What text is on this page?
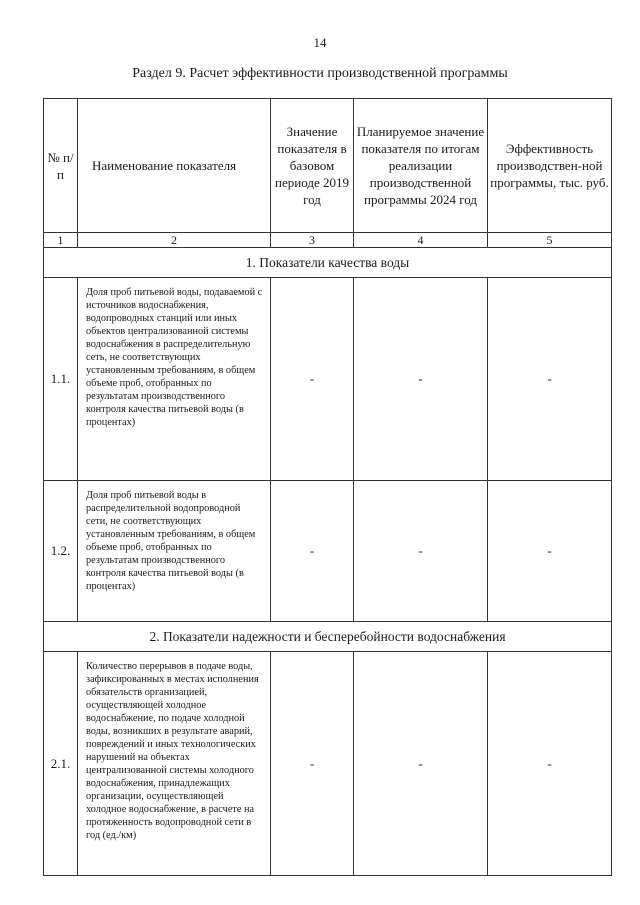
14
Раздел 9. Расчет эффективности производственной программы
№ п/п	Наименование показателя	Значение показателя в базовом периоде 2019 год	Планируемое значение показателя по итогам реализации производственной программы 2024 год	Эффективность производствен-ной программы, тыс. руб.
1	2	3	4	5
1. Показатели качества воды				
1.1.	Доля проб питьевой воды, подаваемой с источников водоснабжения, водопроводных станций или иных объектов централизованной системы водоснабжения в распределительную сеть, не соответствующих установленным требованиям, в общем объеме проб, отобранных по результатам производственного контроля качества питьевой воды (в процентах)	-	-	-
1.2.	Доля проб питьевой воды в распределительной водопроводной сети, не соответствующих установленным требованиям, в общем объеме проб, отобранных по результатам производственного контроля качества питьевой воды (в процентах)	-	-	-
2. Показатели надежности и бесперебойности водоснабжения				
2.1.	Количество перерывов в подаче воды, зафиксированных в местах исполнения обязательств организацией, осуществляющей холодное водоснабжение, по подаче холодной воды, возникших в результате аварий, повреждений и иных технологических нарушений на объектах централизованной системы холодного водоснабжения, принадлежащих организации, осуществляющей холодное водоснабжение, в расчете на протяженность водопроводной сети в год (ед./км)	-	-	-
